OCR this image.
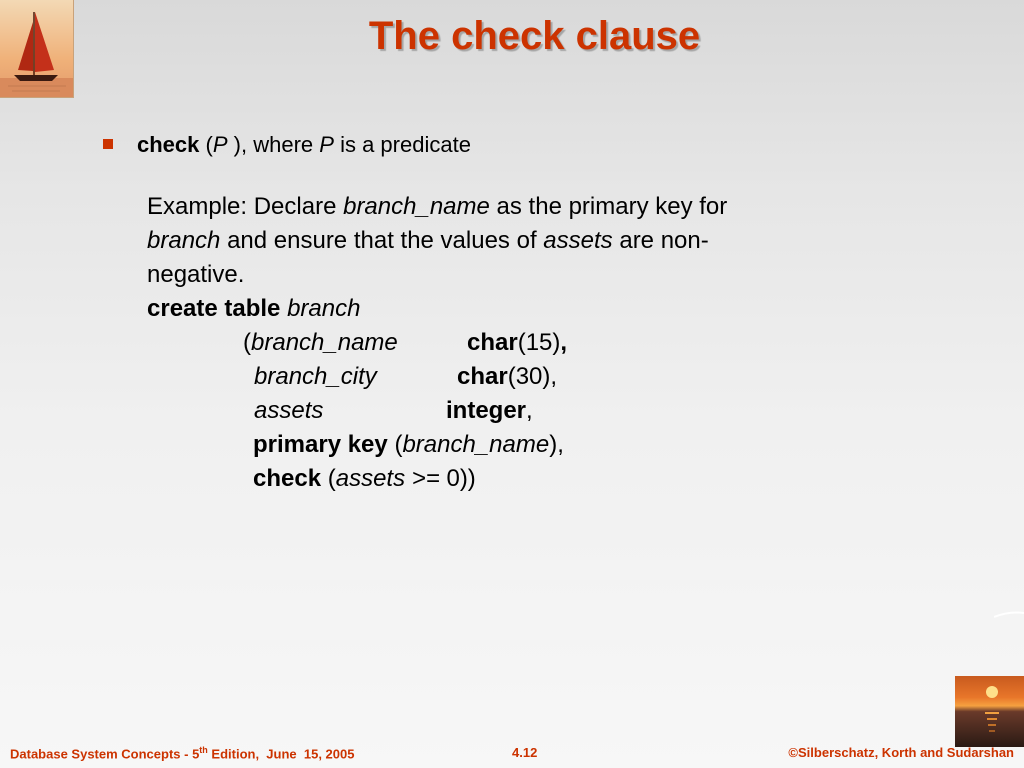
The check clause
check (P ), where P is a predicate
Example: Declare branch_name as the primary key for
branch and ensure that the values of assets are non-
negative.
create table branch
(branch_name	char(15),
branch_city	char(30),
assets	integer,
primary key (branch_name),
check (assets >= 0))
Database System Concepts - 5th Edition,  June  15, 2005	4.12	©Silberschatz, Korth and Sudarshan
